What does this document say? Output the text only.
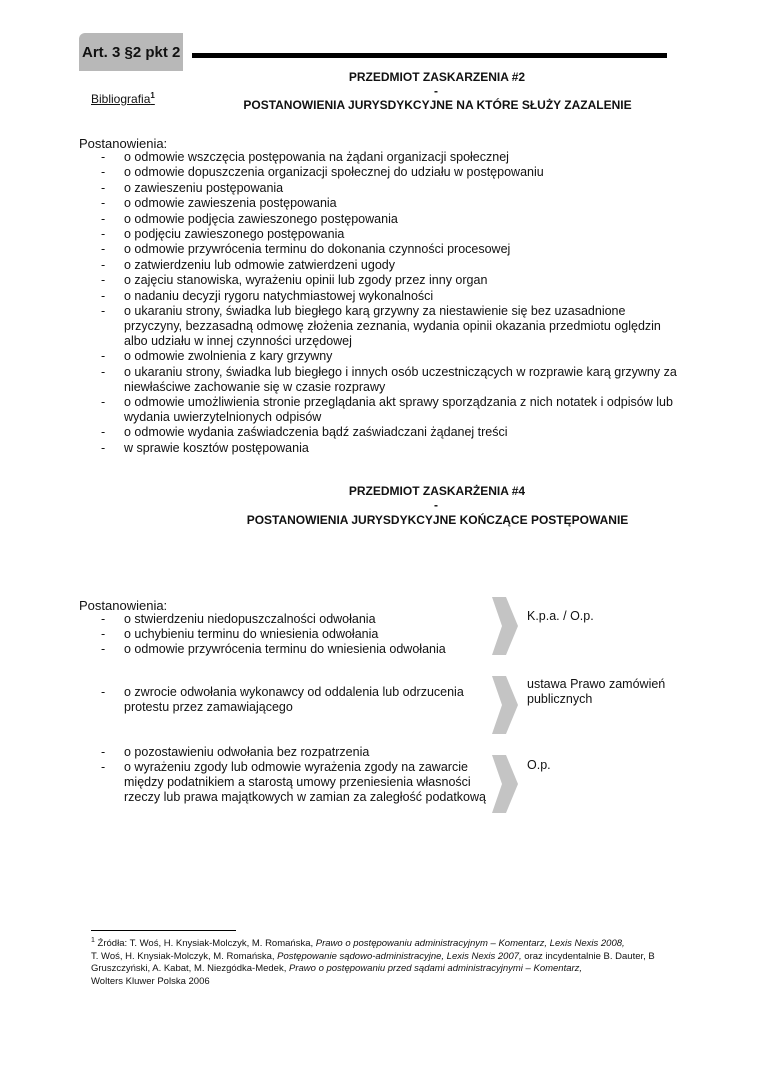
Art. 3 §2 pkt 2
Bibliografia$^1$
PRZEDMIOT ZASKARZENIA #2
-
POSTANOWIENIA JURYSDYKCYJNE NA KTÓRE SŁUŻY ZAZALENIE
Postanowienia:
- o odmowie wszczęcia postępowania na żądani organizacji społecznej
- o odmowie dopuszczenia organizacji społecznej do udziału w postępowaniu
- o zawieszeniu postępowania
- o odmowie zawieszenia postępowania
- o odmowie podjęcia zawieszonego postępowania
- o podjęciu zawieszonego postępowania
- o odmowie przywrócenia terminu do dokonania czynności procesowej
- o zatwierdzeniu lub odmowie zatwierdzeni ugody
- o zajęciu stanowiska, wyrażeniu opinii lub zgody przez inny organ
- o nadaniu decyzji rygoru natychmiastowej wykonalności
- o ukaraniu strony, świadka lub biegłego karą grzywny za niestawienie się bez uzasadnione przyczyny, bezzasadną odmowę złożenia zeznania, wydania opinii okazania przedmiotu oględzin albo udziału w innej czynności urzędowej
- o odmowie zwolnienia z kary grzywny
- o ukaraniu strony, świadka lub biegłego i innych osób uczestniczących w rozprawie karą grzywny za niewłaściwe zachowanie się w czasie rozprawy
- o odmowie umożliwienia stronie przeglądania akt sprawy sporządzania z nich notatek i odpisów lub wydania uwierzytelnionych odpisów
- o odmowie wydania zaświadczenia bądź zaświadczani żądanej treści
- w sprawie kosztów postępowania
PRZEDMIOT ZASKARŻENIA #4
-
POSTANOWIENIA JURYSDYKCYJNE KOŃCZĄCE POSTĘPOWANIE
Postanowienia:
- o stwierdzeniu niedopuszczalności odwołania
- o uchybieniu terminu do wniesienia odwołania
- o odmowie przywrócenia terminu do wniesienia odwołania
K.p.a. / O.p.
- o zwrocie odwołania wykonawcy od oddalenia lub odrzucenia protestu przez zamawiającego
ustawa Prawo zamówień publicznych
- o pozostawieniu odwołania bez rozpatrzenia
- o wyrażeniu zgody lub odmowie wyrażenia zgody na zawarcie między podatnikiem a starostą umowy przeniesienia własności rzeczy lub prawa majątkowych w zamian za zaległość podatkową
O.p.
$^1$ Źródła: T. Woś, H. Knysiak-Molczyk, M. Romańska, Prawo o postępowaniu administracyjnym – Komentarz, Lexis Nexis 2008,
T. Woś, H. Knysiak-Molczyk, M. Romańska, Postępowanie sądowo-administracyjne, Lexis Nexis 2007, oraz incydentalnie B. Dauter, B Gruszczyński, A. Kabat, M. Niezgódka-Medek, Prawo o postępowaniu przed sądami administracyjnymi – Komentarz,
Wolters Kluwer Polska 2006
